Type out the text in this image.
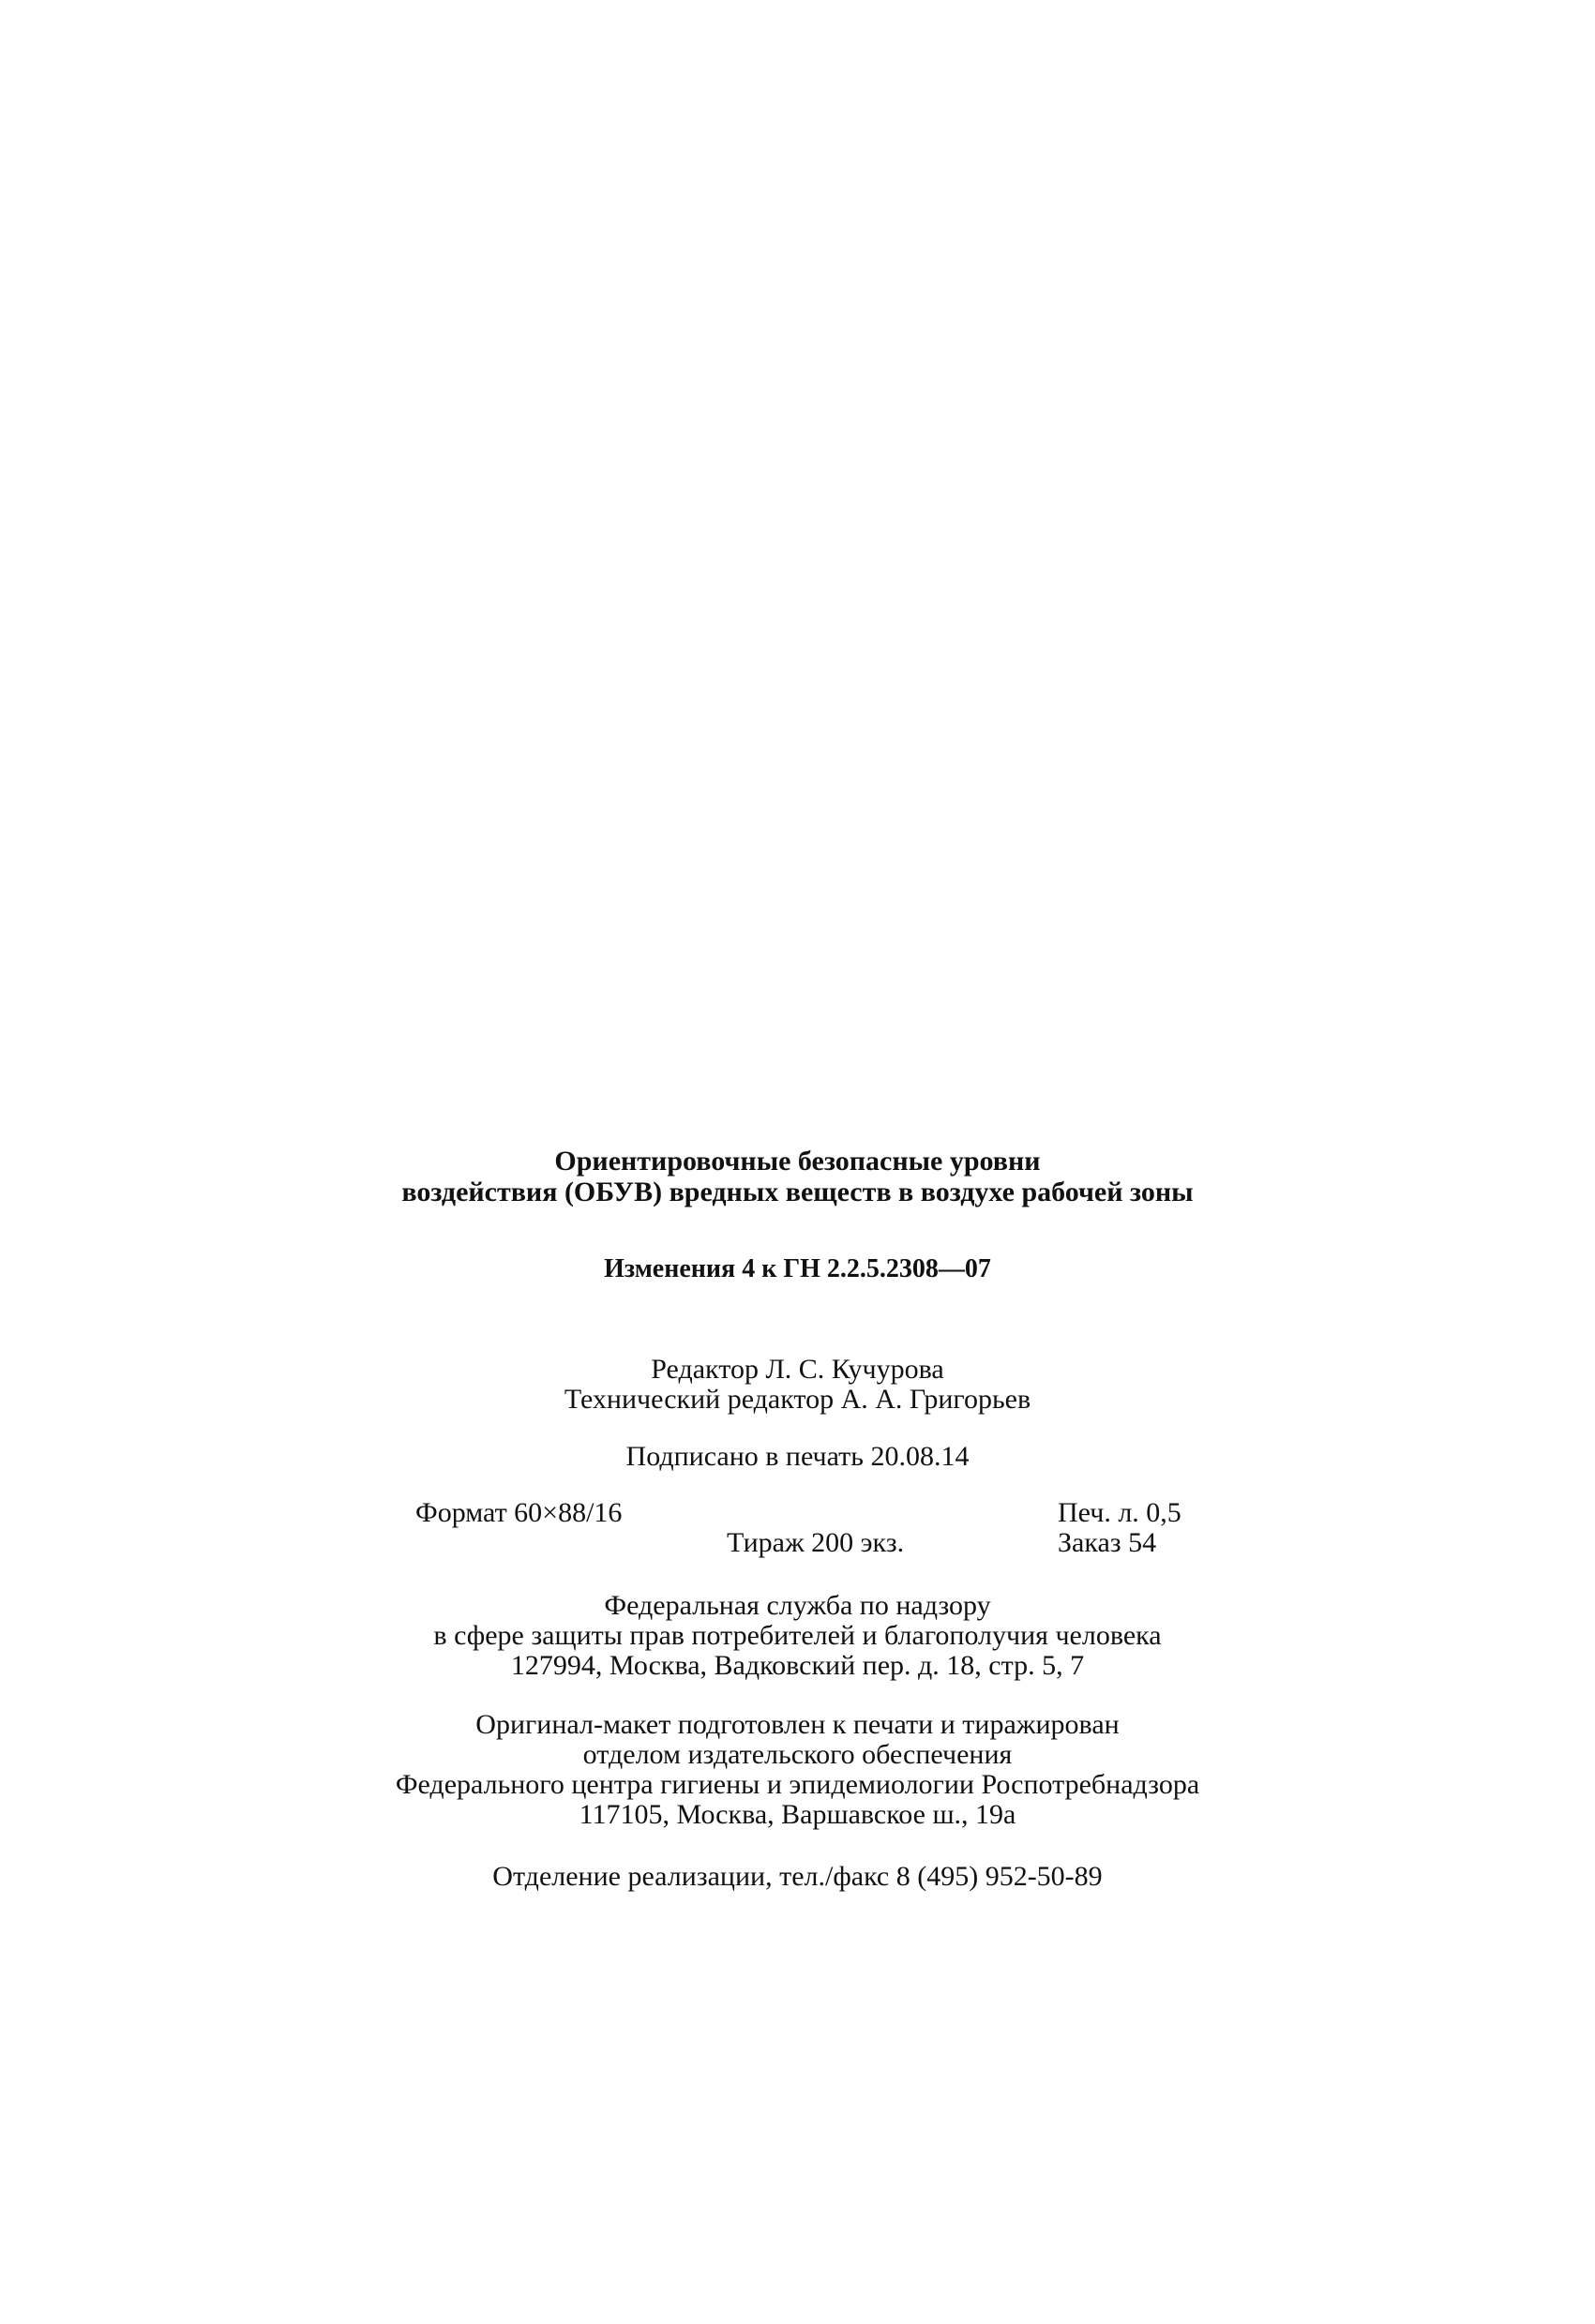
Ориентировочные безопасные уровни
воздействия (ОБУВ) вредных веществ в воздухе рабочей зоны
Изменения 4 к ГН 2.2.5.2308—07
Редактор Л. С. Кучурова
Технический редактор А. А. Григорьев
Подписано в печать 20.08.14
Формат 60×88/16	Печ. л. 0,5
Тираж 200 экз.	Заказ 54
Федеральная служба по надзору
в сфере защиты прав потребителей и благополучия человека
127994, Москва, Вадковский пер. д. 18, стр. 5, 7
Оригинал-макет подготовлен к печати и тиражирован
отделом издательского обеспечения
Федерального центра гигиены и эпидемиологии Роспотребнадзора
117105, Москва, Варшавское ш., 19а
Отделение реализации, тел./факс 8 (495) 952-50-89
